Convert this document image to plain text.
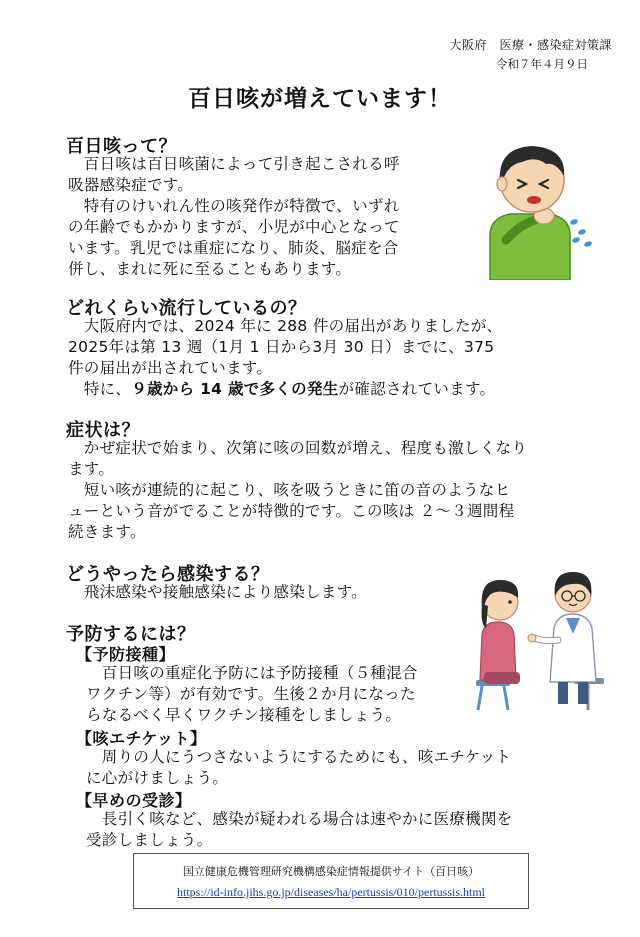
大阪府　医療・感染症対策課
令和７年４月９日
百日咳が増えています！
百日咳って？
　百日咳は百日咳菌によって引き起こされる呼
吸器感染症です。
　特有のけいれん性の咳発作が特徴で、いずれ
の年齢でもかかりますが、小児が中心となって
います。乳児では重症になり、肺炎、脳症を合
併し、まれに死に至ることもあります。
どれくらい流行しているの？
　大阪府内では、2024 年に 288 件の届出がありましたが、
2025年は第 13 週（1月 1 日から3月 30 日）までに、375
件の届出が出されています。
　特に、９歳から 14 歳で多くの発生が確認されています。
症状は？
　かぜ症状で始まり、次第に咳の回数が増え、程度も激しくなり
ます。
　短い咳が連続的に起こり、咳を吸うときに笛の音のようなヒ
ューという音がでることが特徴的です。この咳は ２～３週間程
続きます。
どうやったら感染する？
　飛沫感染や接触感染により感染します。
予防するには？
【予防接種】
　百日咳の重症化予防には予防接種（５種混合
ワクチン等）が有効です。生後２か月になった
らなるべく早くワクチン接種をしましょう。
【咳エチケット】
　周りの人にうつさないようにするためにも、咳エチケット
に心がけましょう。
【早めの受診】
　長引く咳など、感染が疑われる場合は速やかに医療機関を
受診しましょう。
国立健康危機管理研究機構感染症情報提供サイト（百日咳）
https://id-info.jihs.go.jp/diseases/ha/pertussis/010/pertussis.html
